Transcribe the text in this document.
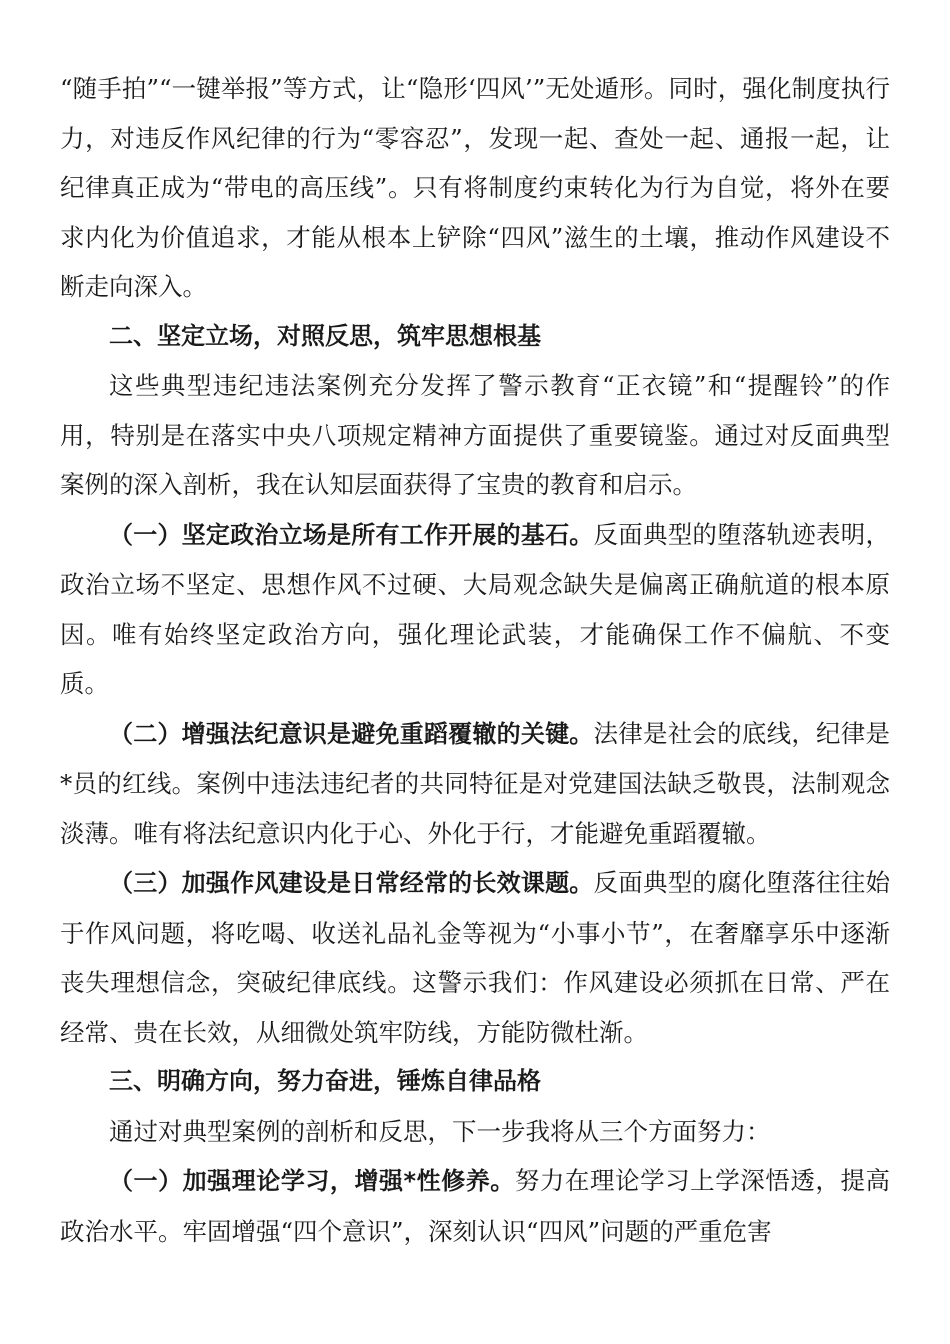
“随手拍”“一键举报”等方式，让“隐形‘四风’”无处遁形。同时，强化制度执行力，对违反作风纪律的行为“零容忍”，发现一起、查处一起、通报一起，让纪律真正成为“带电的高压线”。只有将制度约束转化为行为自觉，将外在要求内化为价值追求，才能从根本上铲除“四风”滋生的土壤，推动作风建设不断走向深入。

二、坚定立场，对照反思，筑牢思想根基

这些典型违纪违法案例充分发挥了警示教育“正衣镜”和“提醒铃”的作用，特别是在落实中央八项规定精神方面提供了重要镜鉴。通过对反面典型案例的深入剖析，我在认知层面获得了宝贵的教育和启示。

（一）坚定政治立场是所有工作开展的基石。反面典型的堕落轨迹表明，政治立场不坚定、思想作风不过硬、大局观念缺失是偏离正确航道的根本原因。唯有始终坚定政治方向，强化理论武装，才能确保工作不偏航、不变质。

（二）增强法纪意识是避免重蹈覆辙的关键。法律是社会的底线，纪律是*员的红线。案例中违法违纪者的共同特征是对党建国法缺乏敬畏，法制观念淡薄。唯有将法纪意识内化于心、外化于行，才能避免重蹈覆辙。

（三）加强作风建设是日常经常的长效课题。反面典型的腐化堕落往往始于作风问题，将吃喝、收送礼品礼金等视为“小事小节”，在奢靡享乐中逐渐丧失理想信念，突破纪律底线。这警示我们：作风建设必须抓在日常、严在经常、贵在长效，从细微处筑牢防线，方能防微杜渐。

三、明确方向，努力奋进，锤炼自律品格

通过对典型案例的剖析和反思，下一步我将从三个方面努力：

（一）加强理论学习，增强*性修养。努力在理论学习上学深悟透，提高政治水平。牢固增强“四个意识”，深刻认识“四风”问题的严重危害
